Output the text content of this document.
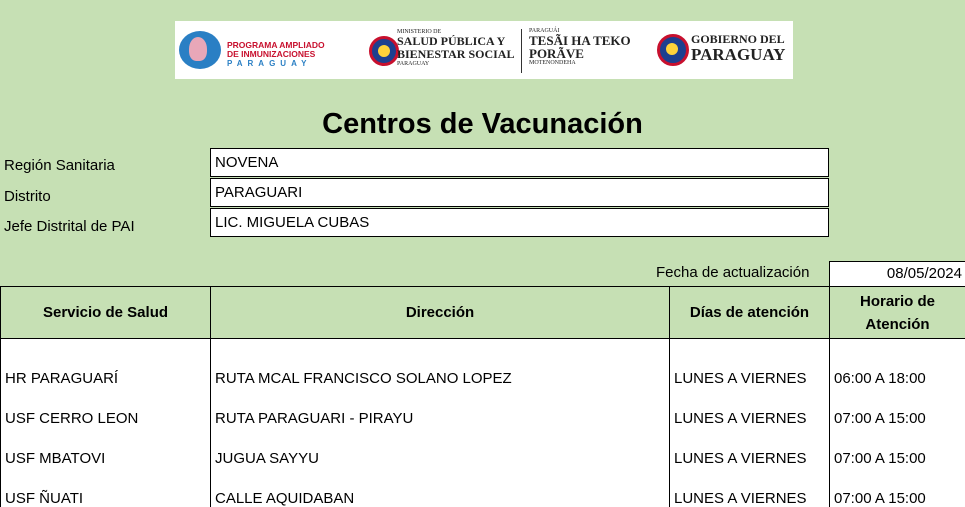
PROGRAMA AMPLIADO
DE INMUNIZACIONES
PARAGUAY
MINISTERIO DE
SALUD PÚBLICA Y
BIENESTAR SOCIAL
PARAGUAY
PARAGUÁI
TESÃI HA TEKO
PORÃVE
MOTENONDEHA
GOBIERNO DEL
PARAGUAY
Centros de Vacunación
Región Sanitaria	NOVENA
Distrito	PARAGUARI
Jefe Distrital de PAI	LIC. MIGUELA CUBAS
Fecha de actualización	08/05/2024
Servicio de Salud	Dirección	Días de atención	Horario de Atención
HR PARAGUARÍ	RUTA MCAL FRANCISCO SOLANO LOPEZ	LUNES A VIERNES	06:00 A 18:00
USF CERRO LEON	RUTA PARAGUARI - PIRAYU	LUNES A VIERNES	07:00 A 15:00
USF MBATOVI	JUGUA SAYYU	LUNES A VIERNES	07:00 A 15:00
USF ÑUATI	CALLE AQUIDABAN	LUNES A VIERNES	07:00 A 15:00
